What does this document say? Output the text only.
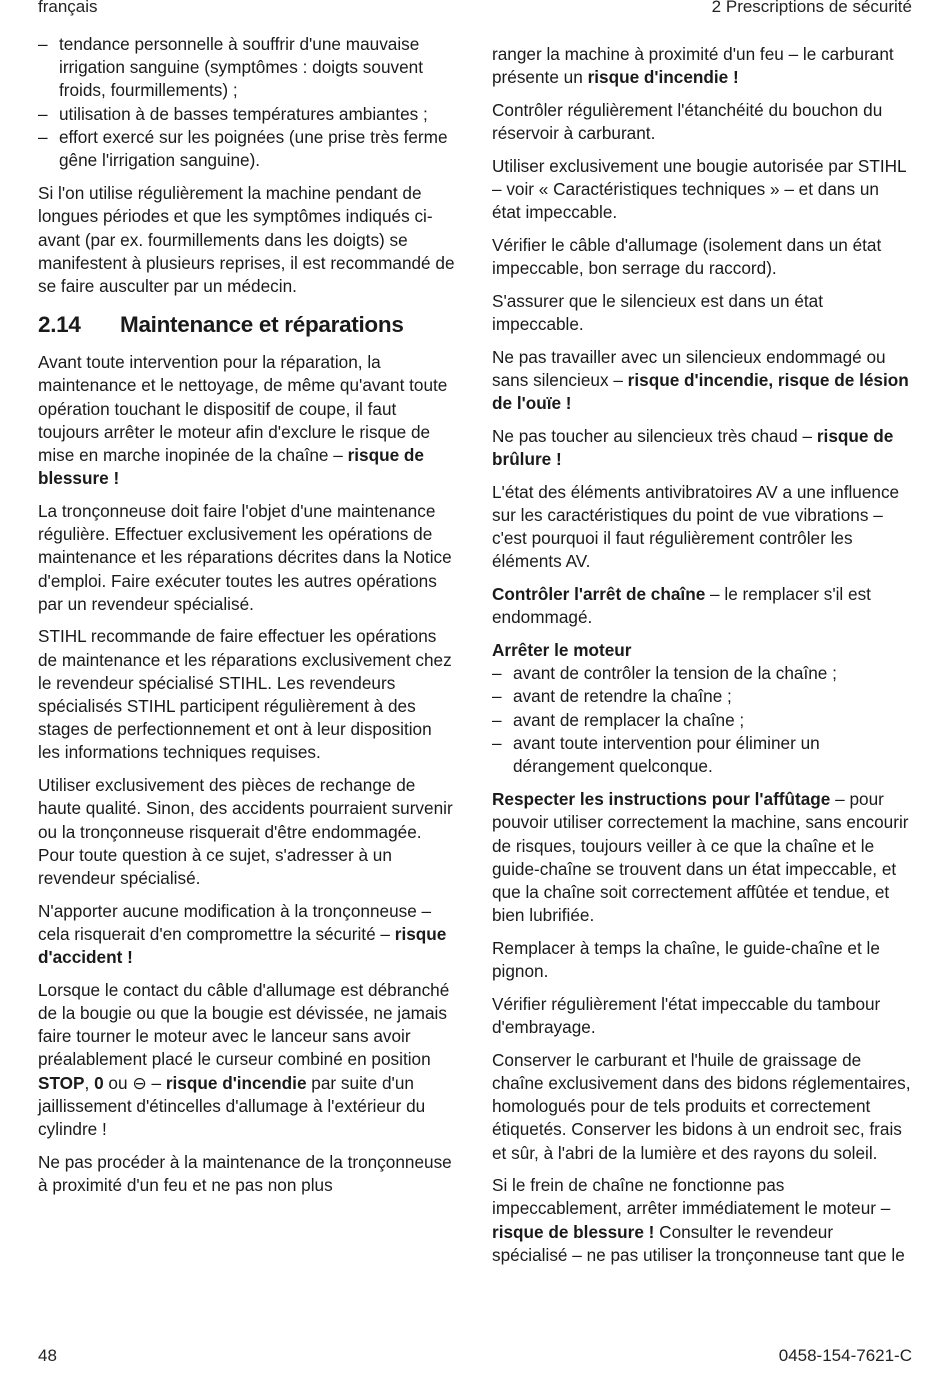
français	2 Prescriptions de sécurité
– tendance personnelle à souffrir d'une mauvaise irrigation sanguine (symptômes : doigts souvent froids, fourmillements) ;
– utilisation à de basses températures ambiantes ;
– effort exercé sur les poignées (une prise très ferme gêne l'irrigation sanguine).

Si l'on utilise régulièrement la machine pendant de longues périodes et que les symptômes indiqués ci-avant (par ex. fourmillements dans les doigts) se manifestent à plusieurs reprises, il est recommandé de se faire ausculter par un médecin.

2.14 Maintenance et réparations

Avant toute intervention pour la réparation, la maintenance et le nettoyage, de même qu'avant toute opération touchant le dispositif de coupe, il faut toujours arrêter le moteur afin d'exclure le risque de mise en marche inopinée de la chaîne – risque de blessure !

La tronçonneuse doit faire l'objet d'une maintenance régulière. Effectuer exclusivement les opérations de maintenance et les réparations décrites dans la Notice d'emploi. Faire exécuter toutes les autres opérations par un revendeur spécialisé.

STIHL recommande de faire effectuer les opérations de maintenance et les réparations exclusivement chez le revendeur spécialisé STIHL. Les revendeurs spécialisés STIHL participent régulièrement à des stages de perfectionnement et ont à leur disposition les informations techniques requises.

Utiliser exclusivement des pièces de rechange de haute qualité. Sinon, des accidents pourraient survenir ou la tronçonneuse risquerait d'être endommagée. Pour toute question à ce sujet, s'adresser à un revendeur spécialisé.

N'apporter aucune modification à la tronçonneuse – cela risquerait d'en compromettre la sécurité – risque d'accident !

Lorsque le contact du câble d'allumage est débranché de la bougie ou que la bougie est dévissée, ne jamais faire tourner le moteur avec le lanceur sans avoir préalablement placé le curseur combiné en position STOP, 0 ou ⊖ – risque d'incendie par suite d'un jaillissement d'étincelles d'allumage à l'extérieur du cylindre !

Ne pas procéder à la maintenance de la tronçonneuse à proximité d'un feu et ne pas non plus

ranger la machine à proximité d'un feu – le carburant présente un risque d'incendie !

Contrôler régulièrement l'étanchéité du bouchon du réservoir à carburant.

Utiliser exclusivement une bougie autorisée par STIHL – voir « Caractéristiques techniques » – et dans un état impeccable.

Vérifier le câble d'allumage (isolement dans un état impeccable, bon serrage du raccord).

S'assurer que le silencieux est dans un état impeccable.

Ne pas travailler avec un silencieux endommagé ou sans silencieux – risque d'incendie, risque de lésion de l'ouïe !

Ne pas toucher au silencieux très chaud – risque de brûlure !

L'état des éléments antivibratoires AV a une influence sur les caractéristiques du point de vue vibrations – c'est pourquoi il faut régulièrement contrôler les éléments AV.

Contrôler l'arrêt de chaîne – le remplacer s'il est endommagé.

Arrêter le moteur

– avant de contrôler la tension de la chaîne ;
– avant de retendre la chaîne ;
– avant de remplacer la chaîne ;
– avant toute intervention pour éliminer un dérangement quelconque.

Respecter les instructions pour l'affûtage – pour pouvoir utiliser correctement la machine, sans encourir de risques, toujours veiller à ce que la chaîne et le guide-chaîne se trouvent dans un état impeccable, et que la chaîne soit correctement affûtée et tendue, et bien lubrifiée.

Remplacer à temps la chaîne, le guide-chaîne et le pignon.

Vérifier régulièrement l'état impeccable du tambour d'embrayage.

Conserver le carburant et l'huile de graissage de chaîne exclusivement dans des bidons réglementaires, homologués pour de tels produits et correctement étiquetés. Conserver les bidons à un endroit sec, frais et sûr, à l'abri de la lumière et des rayons du soleil.

Si le frein de chaîne ne fonctionne pas impeccablement, arrêter immédiatement le moteur – risque de blessure ! Consulter le revendeur spécialisé – ne pas utiliser la tronçonneuse tant que le

48	0458-154-7621-C
